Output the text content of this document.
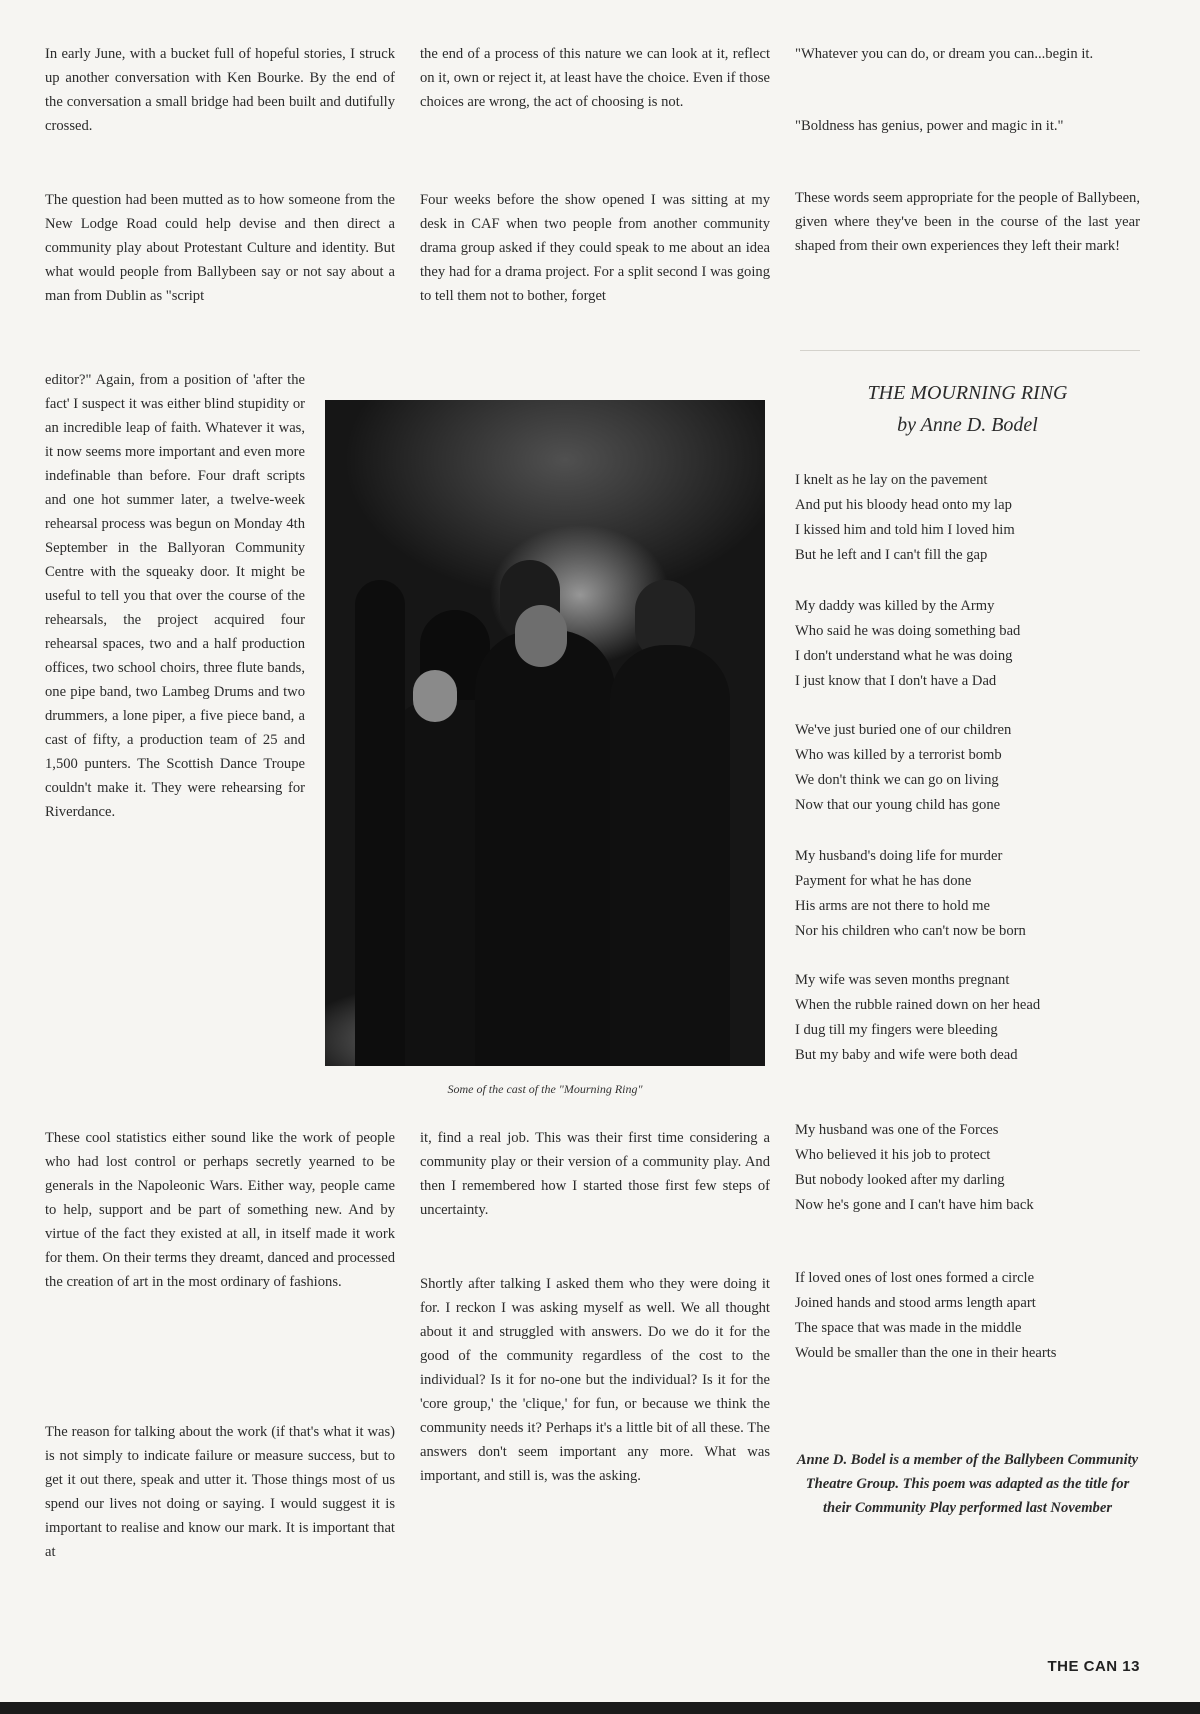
In early June, with a bucket full of hopeful stories, I struck up another conversation with Ken Bourke. By the end of the conversation a small bridge had been built and dutifully crossed.

The question had been mutted as to how someone from the New Lodge Road could help devise and then direct a community play about Protestant Culture and identity. But what would people from Ballybeen say or not say about a man from Dublin as "script

editor?" Again, from a position of 'after the fact' I suspect it was either blind stupidity or an incredible leap of faith. Whatever it was, it now seems more important and even more indefinable than before. Four draft scripts and one hot summer later, a twelve-week rehearsal process was begun on Monday 4th September in the Ballyoran Community Centre with the squeaky door. It might be useful to tell you that over the course of the rehearsals, the project acquired four rehearsal spaces, two and a half production offices, two school choirs, three flute bands, one pipe band, two Lambeg Drums and two drummers, a lone piper, a five piece band, a cast of fifty, a production team of 25 and 1,500 punters. The Scottish Dance Troupe couldn't make it. They were rehearsing for Riverdance.

These cool statistics either sound like the work of people who had lost control or perhaps secretly yearned to be generals in the Napoleonic Wars. Either way, people came to help, support and be part of something new. And by virtue of the fact they existed at all, in itself made it work for them. On their terms they dreamt, danced and processed the creation of art in the most ordinary of fashions.

The reason for talking about the work (if that's what it was) is not simply to indicate failure or measure success, but to get it out there, speak and utter it. Those things most of us spend our lives not doing or saying. I would suggest it is important to realise and know our mark. It is important that at

the end of a process of this nature we can look at it, reflect on it, own or reject it, at least have the choice. Even if those choices are wrong, the act of choosing is not.

Four weeks before the show opened I was sitting at my desk in CAF when two people from another community drama group asked if they could speak to me about an idea they had for a drama project. For a split second I was going to tell them not to bother, forget

it, find a real job. This was their first time considering a community play or their version of a community play. And then I remembered how I started those first few steps of uncertainty.

Shortly after talking I asked them who they were doing it for. I reckon I was asking myself as well. We all thought about it and struggled with answers. Do we do it for the good of the community regardless of the cost to the individual? Is it for no-one but the individual? Is it for the 'core group,' the 'clique,' for fun, or because we think the community needs it? Perhaps it's a little bit of all these. The answers don't seem important any more. What was important, and still is, was the asking.

Some of the cast of the "Mourning Ring"

"Whatever you can do, or dream you can...begin it.

"Boldness has genius, power and magic in it."

These words seem appropriate for the people of Ballybeen, given where they've been in the course of the last year shaped from their own experiences they left their mark!

THE MOURNING RING

by Anne D. Bodel

I knelt as he lay on the pavement
And put his bloody head onto my lap
I kissed him and told him I loved him
But he left and I can't fill the gap
My daddy was killed by the Army
Who said he was doing something bad
I don't understand what he was doing
I just know that I don't have a Dad
We've just buried one of our children
Who was killed by a terrorist bomb
We don't think we can go on living
Now that our young child has gone
My husband's doing life for murder
Payment for what he has done
His arms are not there to hold me
Nor his children who can't now be born
My wife was seven months pregnant
When the rubble rained down on her head
I dug till my fingers were bleeding
But my baby and wife were both dead
My husband was one of the Forces
Who believed it his job to protect
But nobody looked after my darling
Now he's gone and I can't have him back
If loved ones of lost ones formed a circle
Joined hands and stood arms length apart
The space that was made in the middle
Would be smaller than the one in their hearts

Anne D. Bodel is a member of the Ballybeen Community Theatre Group. This poem was adapted as the title for their Community Play performed last November

THE CAN 13
